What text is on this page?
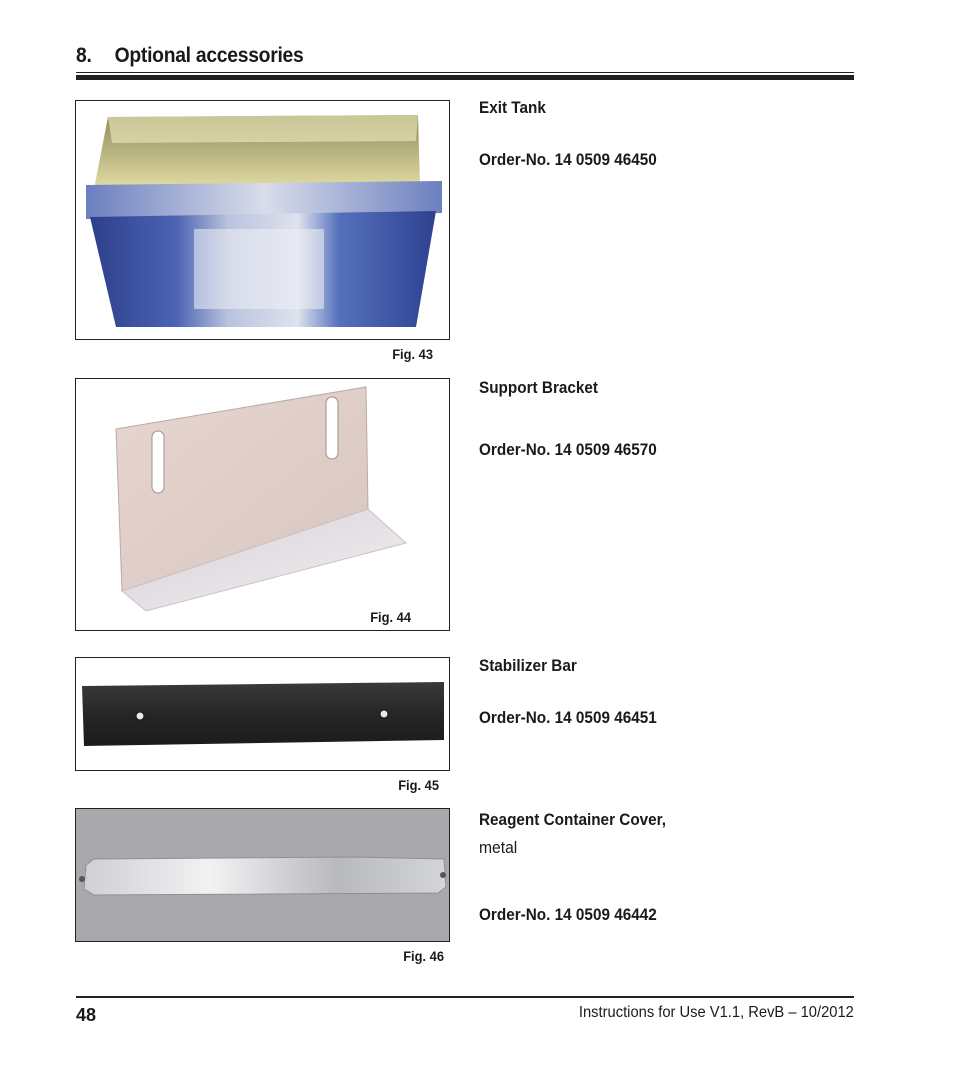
8. Optional accessories
Fig. 43
Exit Tank
Order-No. 14 0509 46450
Fig. 44
Support Bracket
Order-No. 14 0509 46570
Fig. 45
Stabilizer Bar
Order-No. 14 0509 46451
Fig. 46
Reagent Container Cover,
metal
Order-No. 14 0509 46442
48	Instructions for Use V1.1, RevB – 10/2012
